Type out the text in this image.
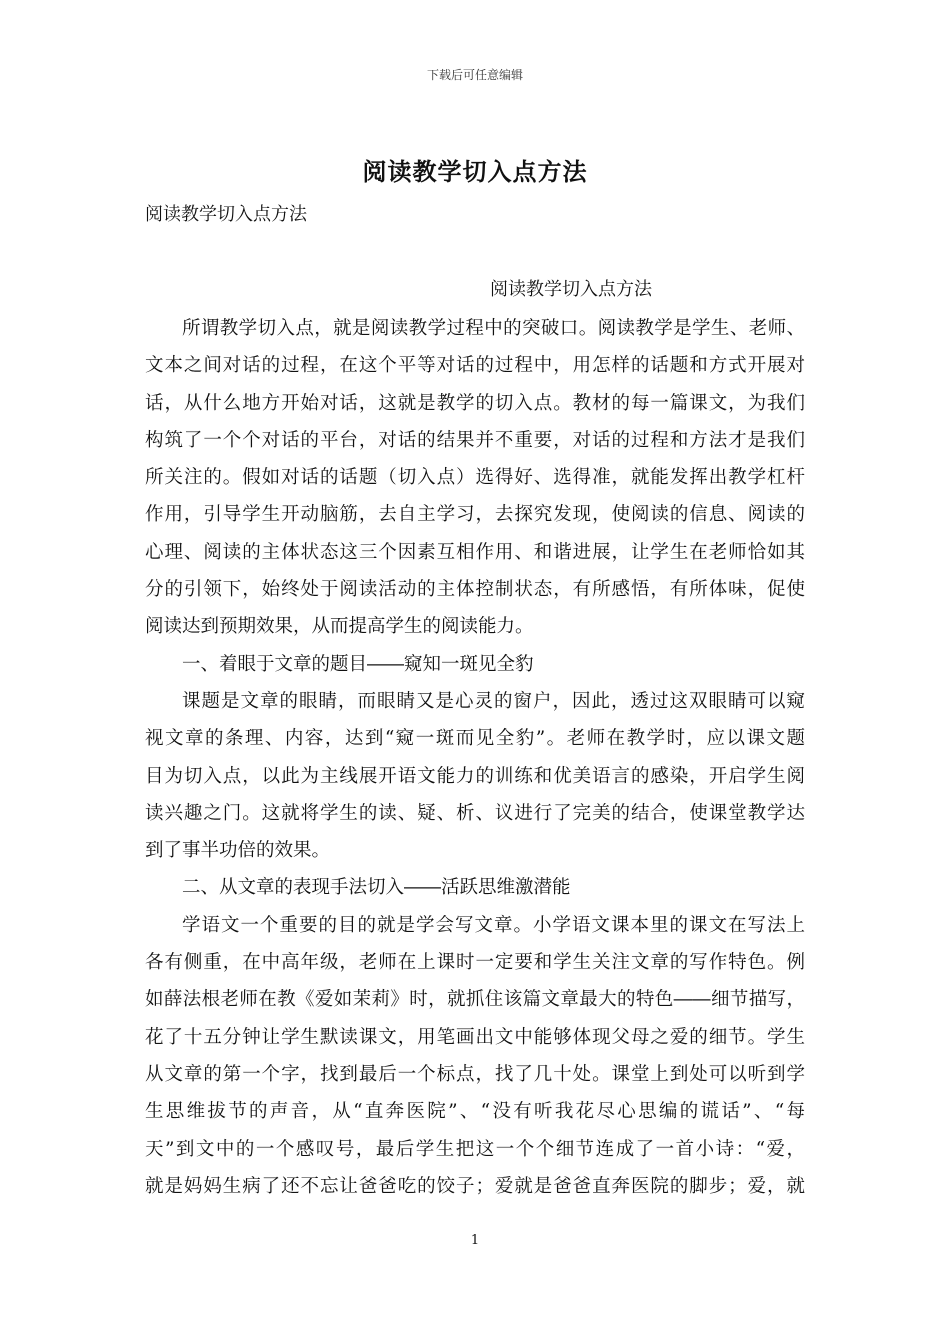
下载后可任意编辑
阅读教学切入点方法
阅读教学切入点方法
阅读教学切入点方法
所谓教学切入点，就是阅读教学过程中的突破口。阅读教学是学生、老师、
文本之间对话的过程，在这个平等对话的过程中，用怎样的话题和方式开展对
话，从什么地方开始对话，这就是教学的切入点。教材的每一篇课文，为我们
构筑了一个个对话的平台，对话的结果并不重要，对话的过程和方法才是我们
所关注的。假如对话的话题（切入点）选得好、选得准，就能发挥出教学杠杆
作用，引导学生开动脑筋，去自主学习，去探究发现，使阅读的信息、阅读的
心理、阅读的主体状态这三个因素互相作用、和谐进展，让学生在老师恰如其
分的引领下，始终处于阅读活动的主体控制状态，有所感悟，有所体味，促使
阅读达到预期效果，从而提高学生的阅读能力。
一、着眼于文章的题目――窥知一斑见全豹
课题是文章的眼睛，而眼睛又是心灵的窗户，因此，透过这双眼睛可以窥
视文章的条理、内容，达到“窥一斑而见全豹”。老师在教学时，应以课文题
目为切入点，以此为主线展开语文能力的训练和优美语言的感染，开启学生阅
读兴趣之门。这就将学生的读、疑、析、议进行了完美的结合，使课堂教学达
到了事半功倍的效果。
二、从文章的表现手法切入――活跃思维激潜能
学语文一个重要的目的就是学会写文章。小学语文课本里的课文在写法上
各有侧重，在中高年级，老师在上课时一定要和学生关注文章的写作特色。例
如薛法根老师在教《爱如茉莉》时，就抓住该篇文章最大的特色――细节描写，
花了十五分钟让学生默读课文，用笔画出文中能够体现父母之爱的细节。学生
从文章的第一个字，找到最后一个标点，找了几十处。课堂上到处可以听到学
生思维拔节的声音，从“直奔医院”、“没有听我花尽心思编的谎话”、“每
天”到文中的一个感叹号，最后学生把这一个个细节连成了一首小诗：“爱，
就是妈妈生病了还不忘让爸爸吃的饺子；爱就是爸爸直奔医院的脚步；爱，就
1
